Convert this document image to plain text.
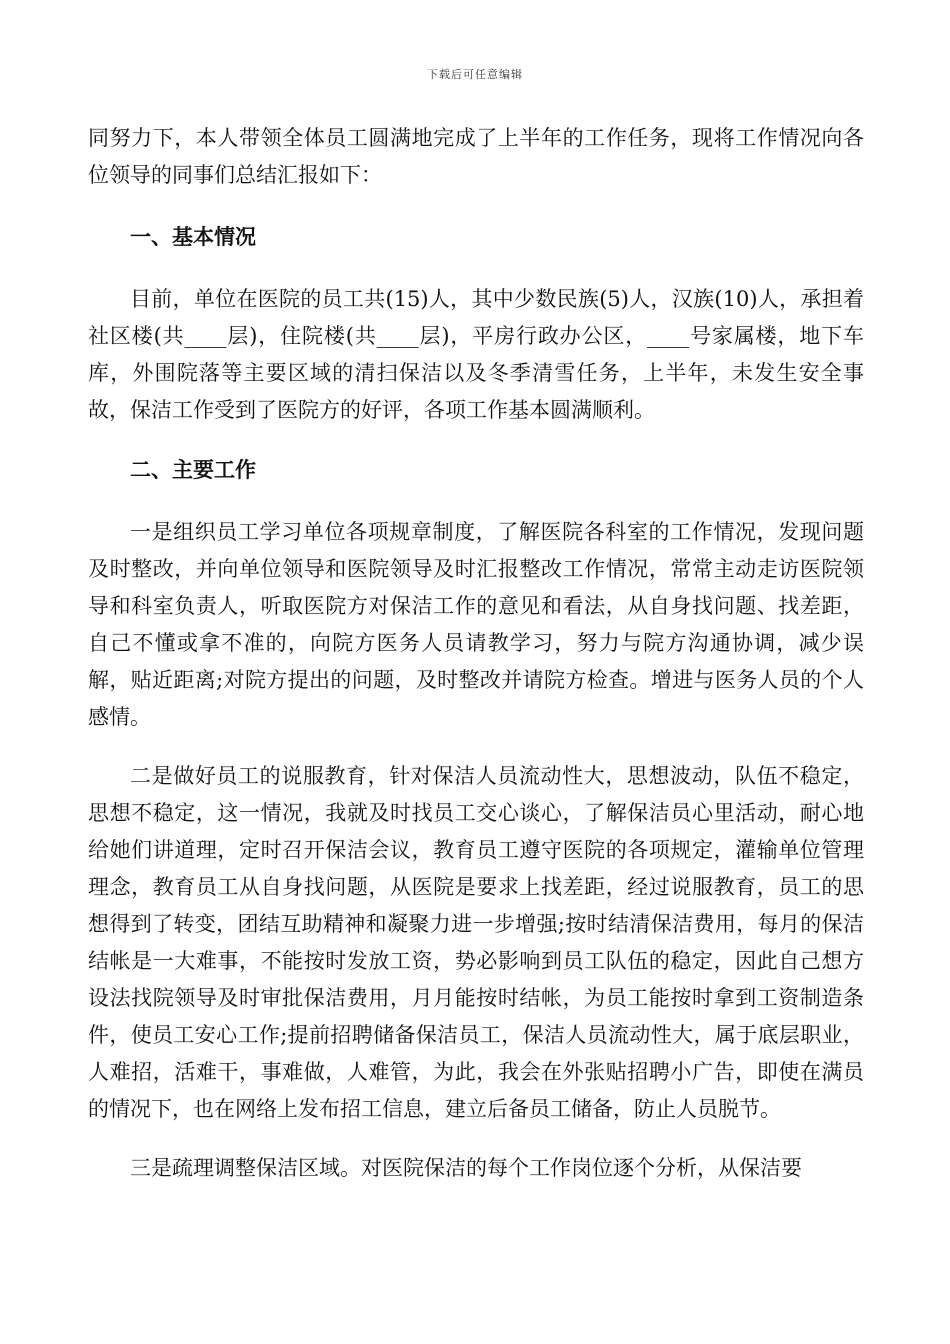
下载后可任意编辑

同努力下，本人带领全体员工圆满地完成了上半年的工作任务，现将工作情况向各位领导的同事们总结汇报如下：

一、基本情况

目前，单位在医院的员工共(15)人，其中少数民族(5)人，汉族(10)人，承担着社区楼(共____层)，住院楼(共____层)，平房行政办公区，____号家属楼，地下车库，外围院落等主要区域的清扫保洁以及冬季清雪任务，上半年，未发生安全事故，保洁工作受到了医院方的好评，各项工作基本圆满顺利。

二、主要工作

一是组织员工学习单位各项规章制度，了解医院各科室的工作情况，发现问题及时整改，并向单位领导和医院领导及时汇报整改工作情况，常常主动走访医院领导和科室负责人，听取医院方对保洁工作的意见和看法，从自身找问题、找差距，自己不懂或拿不准的，向院方医务人员请教学习，努力与院方沟通协调，减少误解，贴近距离;对院方提出的问题，及时整改并请院方检查。增进与医务人员的个人感情。

二是做好员工的说服教育，针对保洁人员流动性大，思想波动，队伍不稳定，思想不稳定，这一情况，我就及时找员工交心谈心，了解保洁员心里活动，耐心地给她们讲道理，定时召开保洁会议，教育员工遵守医院的各项规定，灌输单位管理理念，教育员工从自身找问题，从医院是要求上找差距，经过说服教育，员工的思想得到了转变，团结互助精神和凝聚力进一步增强;按时结清保洁费用，每月的保洁结帐是一大难事，不能按时发放工资，势必影响到员工队伍的稳定，因此自己想方设法找院领导及时审批保洁费用，月月能按时结帐，为员工能按时拿到工资制造条件，使员工安心工作;提前招聘储备保洁员工，保洁人员流动性大，属于底层职业，人难招，活难干，事难做，人难管，为此，我会在外张贴招聘小广告，即使在满员的情况下，也在网络上发布招工信息，建立后备员工储备，防止人员脱节。

三是疏理调整保洁区域。对医院保洁的每个工作岗位逐个分析，从保洁要
